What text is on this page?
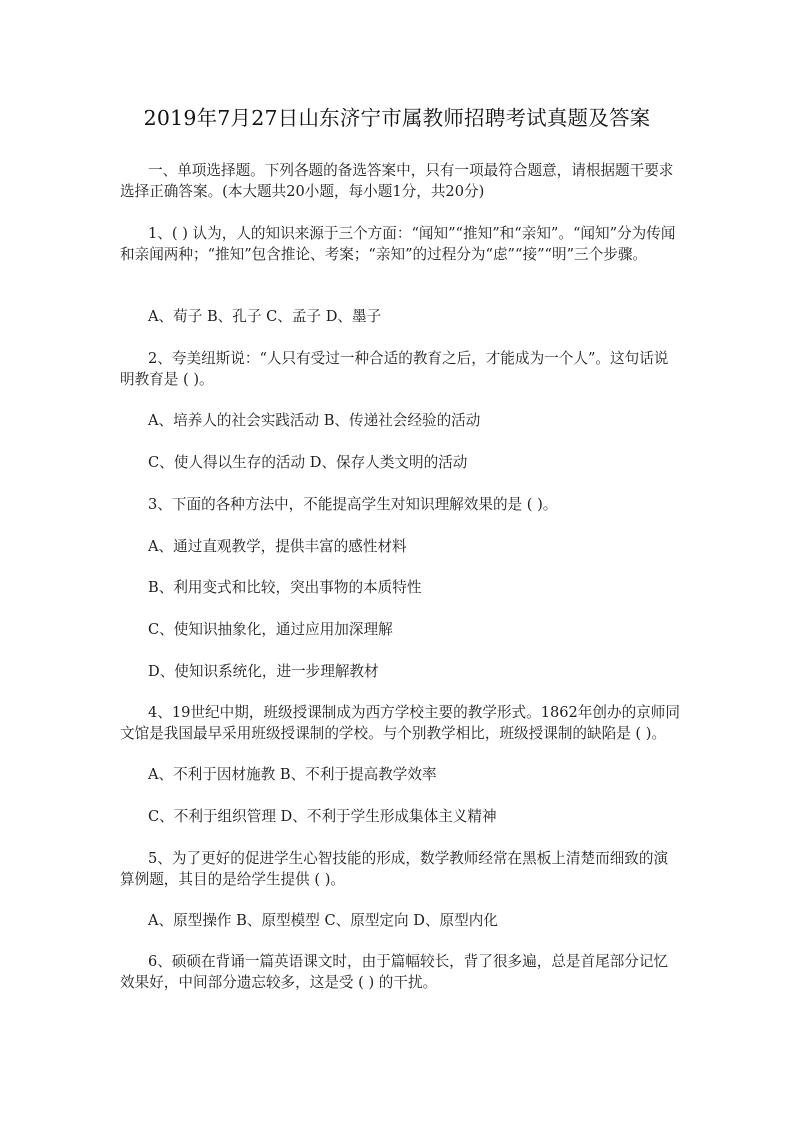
2019年7月27日山东济宁市属教师招聘考试真题及答案
一、单项选择题。下列各题的备选答案中，只有一项最符合题意，请根据题干要求选择正确答案。(本大题共20小题，每小题1分，共20分)
1、( ) 认为，人的知识来源于三个方面：“闻知”“推知”和“亲知”。“闻知”分为传闻和亲闻两种；“推知”包含推论、考案；“亲知”的过程分为“虑”“接”“明”三个步骤。
A、荀子 B、孔子 C、孟子 D、墨子
2、夸美纽斯说：“人只有受过一种合适的教育之后，才能成为一个人”。这句话说明教育是 ( )。
A、培养人的社会实践活动 B、传递社会经验的活动
C、使人得以生存的活动 D、保存人类文明的活动
3、下面的各种方法中，不能提高学生对知识理解效果的是 ( )。
A、通过直观教学，提供丰富的感性材料
B、利用变式和比较，突出事物的本质特性
C、使知识抽象化，通过应用加深理解
D、使知识系统化，进一步理解教材
4、19世纪中期，班级授课制成为西方学校主要的教学形式。1862年创办的京师同文馆是我国最早采用班级授课制的学校。与个别教学相比，班级授课制的缺陷是 ( )。
A、不利于因材施教 B、不利于提高教学效率
C、不利于组织管理 D、不利于学生形成集体主义精神
5、为了更好的促进学生心智技能的形成，数学教师经常在黑板上清楚而细致的演算例题，其目的是给学生提供 ( )。
A、原型操作 B、原型模型 C、原型定向 D、原型内化
6、硕硕在背诵一篇英语课文时，由于篇幅较长，背了很多遍，总是首尾部分记忆效果好，中间部分遗忘较多，这是受 ( ) 的干扰。
